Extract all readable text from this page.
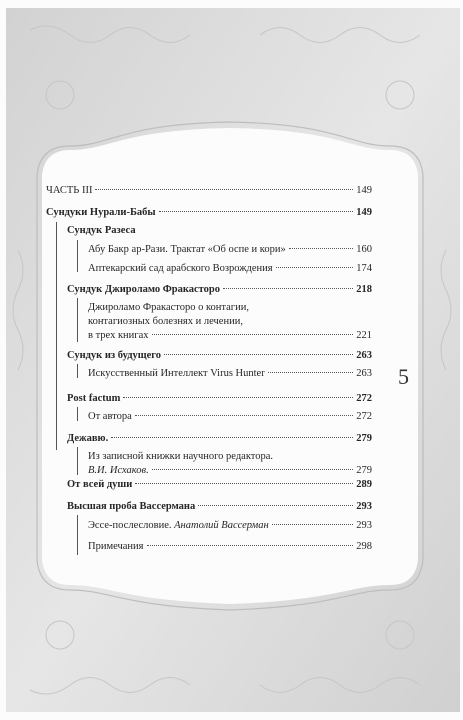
ЧАСТЬ III	149
Сундуки Нурали-Бабы	149
Сундук Разеса
Абу Бакр ар-Рази. Трактат «Об оспе и кори»	160
Аптекарский сад арабского Возрождения	174
Сундук Джироламо Фракасторо	218
Джироламо Фракасторо о контагии,
контагиозных болезнях и лечении,
в трех книгах	221
Сундук из будущего	263
Искусственный Интеллект Virus Hunter	263
Post factum	272
От автора	272
Дежавю.	279
Из записной книжки научного редактора.
В.И. Исхаков.	279
От всей души	289
Высшая проба Вассермана	293
Эссе-послесловие. Анатолий Вассерман	293
Примечания	298
5
